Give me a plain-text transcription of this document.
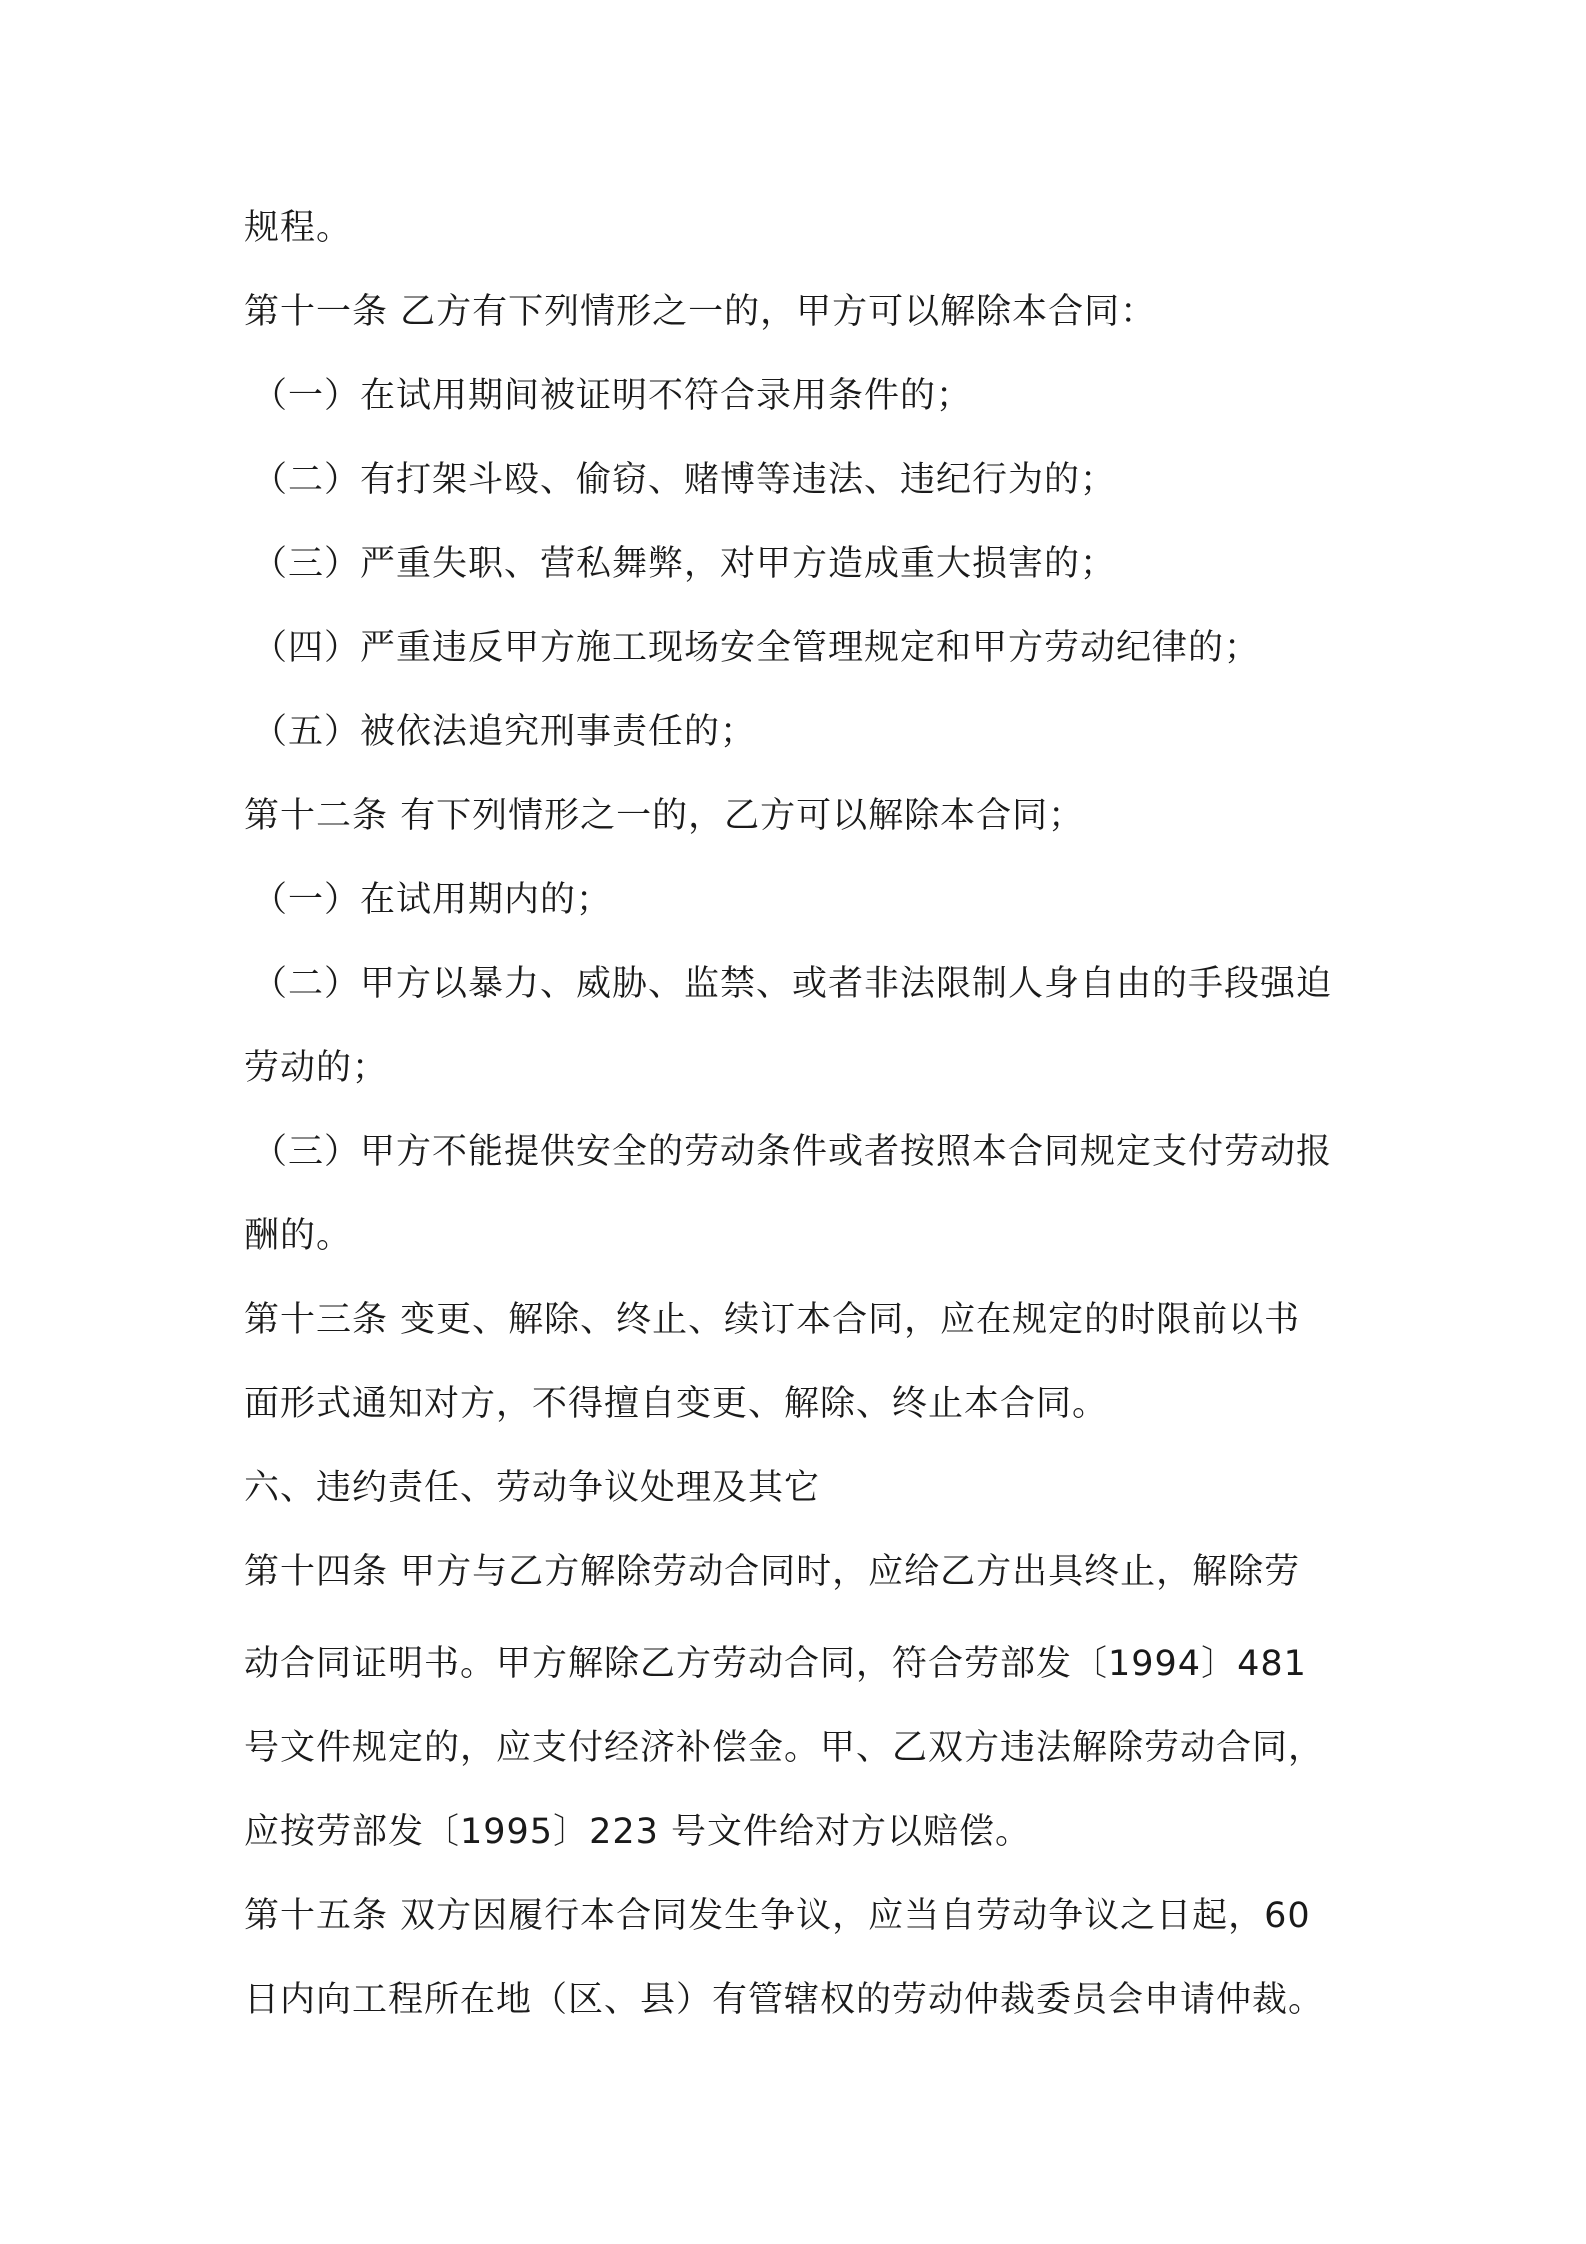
规程。
第十一条 乙方有下列情形之一的，甲方可以解除本合同：
（一）在试用期间被证明不符合录用条件的；
（二）有打架斗殴、偷窃、赌博等违法、违纪行为的；
（三）严重失职、营私舞弊，对甲方造成重大损害的；
（四）严重违反甲方施工现场安全管理规定和甲方劳动纪律的；
（五）被依法追究刑事责任的；
第十二条 有下列情形之一的，乙方可以解除本合同；
（一）在试用期内的；
（二）甲方以暴力、威胁、监禁、或者非法限制人身自由的手段强迫
劳动的；
（三）甲方不能提供安全的劳动条件或者按照本合同规定支付劳动报
酬的。
第十三条 变更、解除、终止、续订本合同，应在规定的时限前以书
面形式通知对方，不得擅自变更、解除、终止本合同。
六、违约责任、劳动争议处理及其它
第十四条 甲方与乙方解除劳动合同时，应给乙方出具终止，解除劳
动合同证明书。甲方解除乙方劳动合同，符合劳部发〔1994〕481
号文件规定的，应支付经济补偿金。甲、乙双方违法解除劳动合同，
应按劳部发〔1995〕223 号文件给对方以赔偿。
第十五条 双方因履行本合同发生争议，应当自劳动争议之日起，60
日内向工程所在地（区、县）有管辖权的劳动仲裁委员会申请仲裁。
